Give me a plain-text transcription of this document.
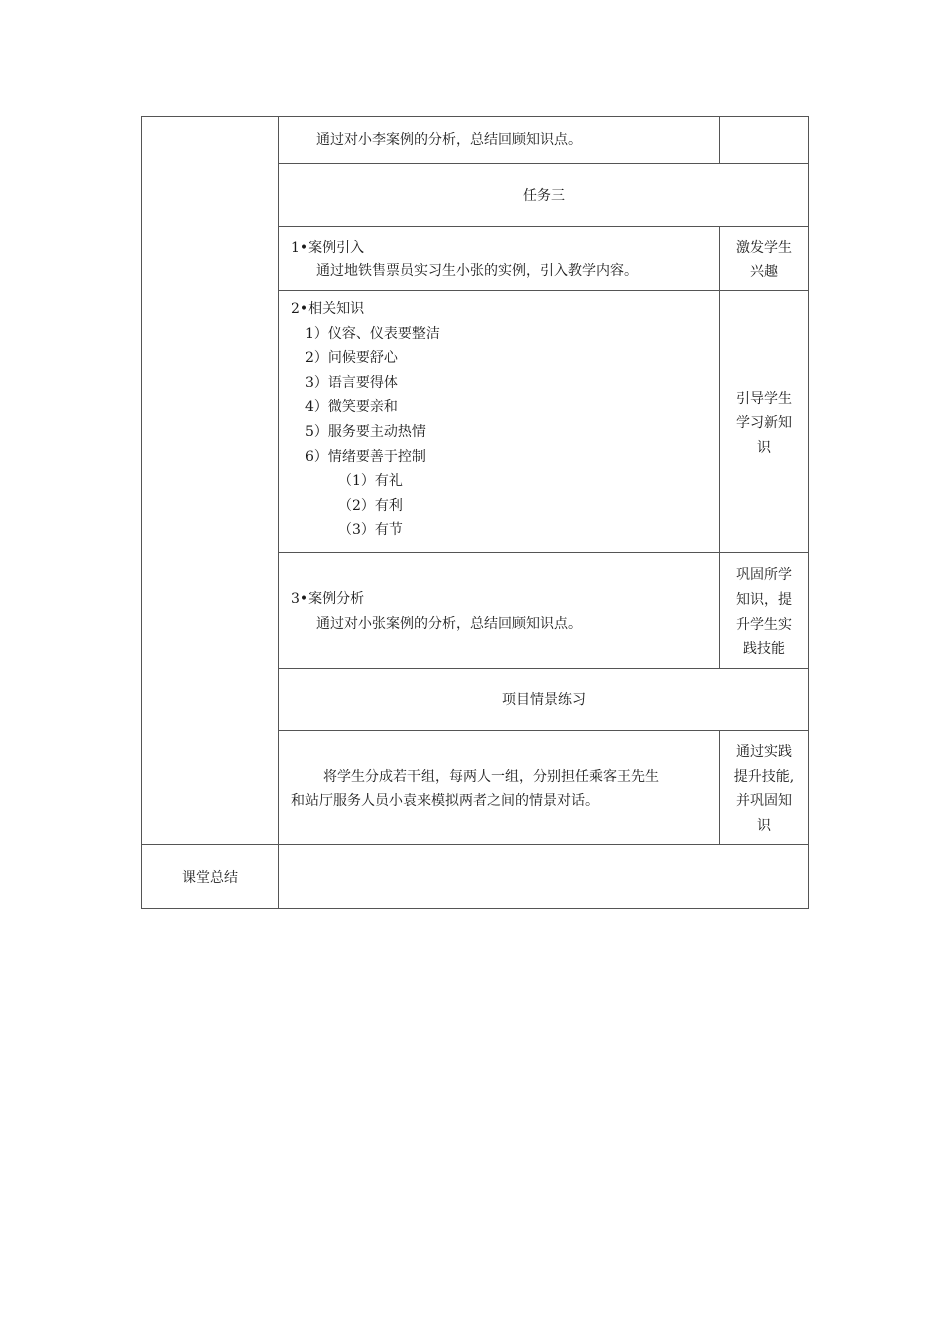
通过对小李案例的分析，总结回顾知识点。
任务三
1•案例引入
通过地铁售票员实习生小张的实例，引入教学内容。
激发学生
兴趣
2•相关知识
1）仪容、仪表要整洁
2）问候要舒心
3）语言要得体
4）微笑要亲和
5）服务要主动热情
6）情绪要善于控制
（1）有礼
（2）有利
（3）有节
引导学生
学习新知
识
3•案例分析
通过对小张案例的分析，总结回顾知识点。
巩固所学
知识，提
升学生实
践技能
项目情景练习
将学生分成若干组，每两人一组，分别担任乘客王先生
和站厅服务人员小袁来模拟两者之间的情景对话。
通过实践
提升技能,
并巩固知
识
课堂总结
